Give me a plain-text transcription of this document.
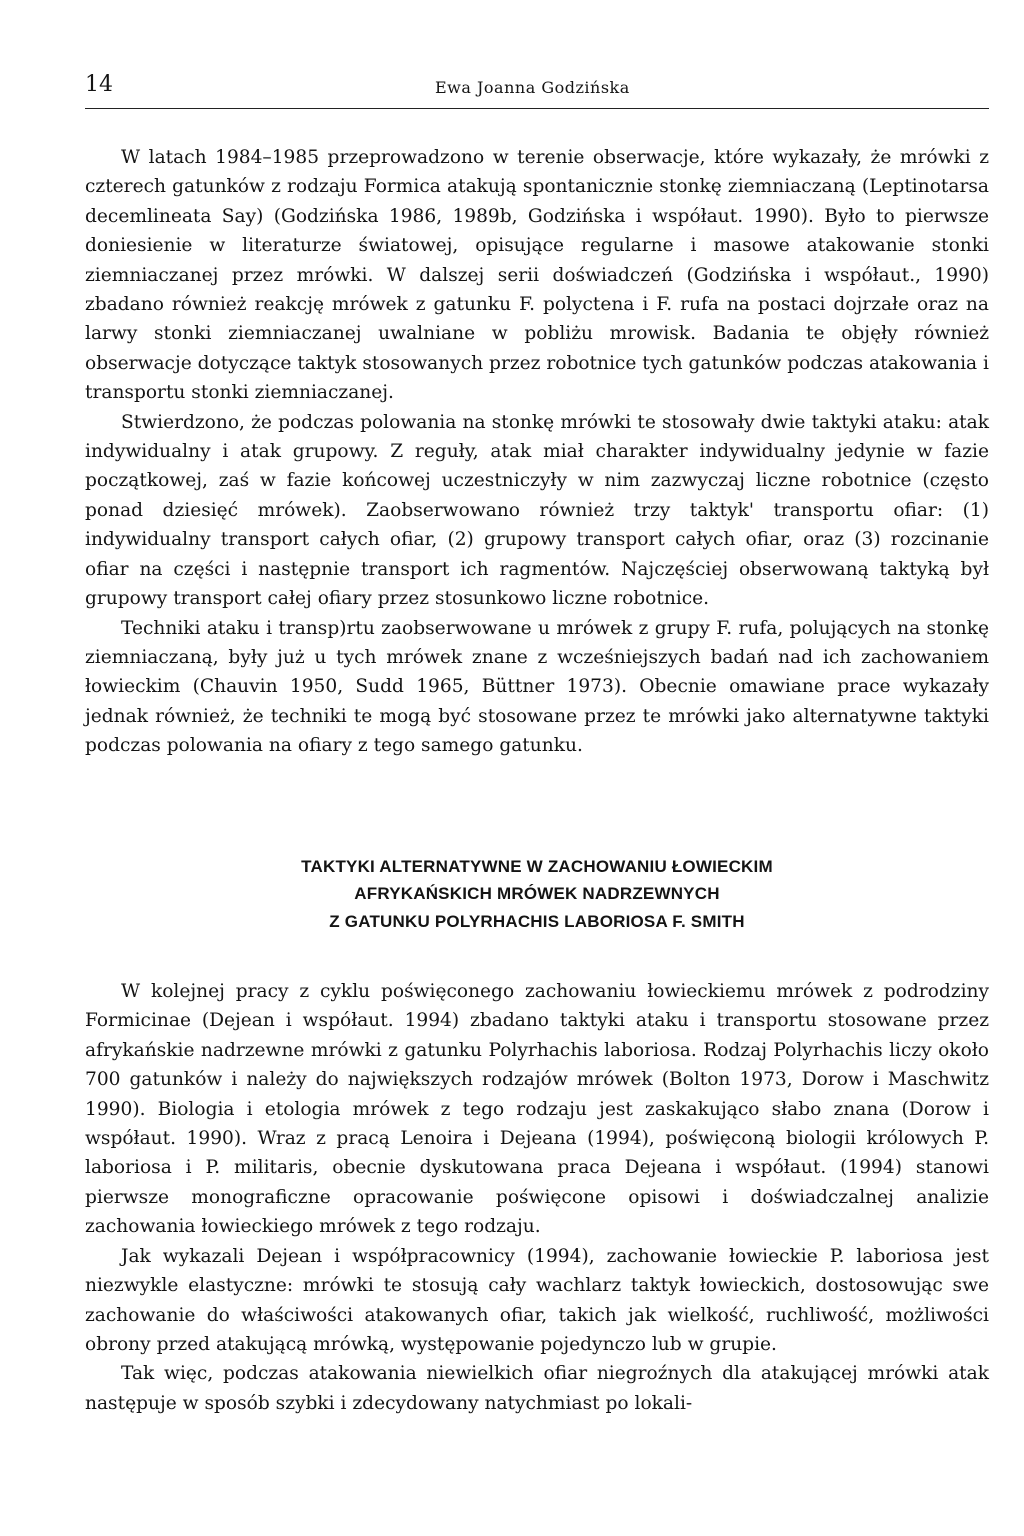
14	Ewa Joanna Godzińska

W latach 1984–1985 przeprowadzono w terenie obserwacje, które wykazały, że mrówki z czterech gatunków z rodzaju Formica atakują spontanicznie stonkę ziemniaczaną (Leptinotarsa decemlineata Say) (Godzińska 1986, 1989b, Godzińska i współaut. 1990). Było to pierwsze doniesienie w literaturze światowej, opisujące regularne i masowe atakowanie stonki ziemniaczanej przez mrówki. W dalszej serii doświadczeń (Godzińska i współaut., 1990) zbadano również reakcję mrówek z gatunku F. polyctena i F. rufa na postaci dojrzałe oraz na larwy stonki ziemniaczanej uwalniane w pobliżu mrowisk. Badania te objęły również obserwacje dotyczące taktyk stosowanych przez robotnice tych gatunków podczas atakowania i transportu stonki ziemniaczanej.

Stwierdzono, że podczas polowania na stonkę mrówki te stosowały dwie taktyki ataku: atak indywidualny i atak grupowy. Z reguły, atak miał charakter indywidualny jedynie w fazie początkowej, zaś w fazie końcowej uczestniczyły w nim zazwyczaj liczne robotnice (często ponad dziesięć mrówek). Zaobserwowano również trzy taktyk' transportu ofiar: (1) indywidualny transport całych ofiar, (2) grupowy transport całych ofiar, oraz (3) rozcinanie ofiar na części i następnie transport ich ragmentów. Najczęściej obserwowaną taktyką był grupowy transport całej ofiary przez stosunkowo liczne robotnice.

Techniki ataku i transp)rtu zaobserwowane u mrówek z grupy F. rufa, polujących na stonkę ziemniaczaną, były już u tych mrówek znane z wcześniejszych badań nad ich zachowaniem łowieckim (Chauvin 1950, Sudd 1965, Büttner 1973). Obecnie omawiane prace wykazały jednak również, że techniki te mogą być stosowane przez te mrówki jako alternatywne taktyki podczas polowania na ofiary z tego samego gatunku.

TAKTYKI ALTERNATYWNE W ZACHOWANIU ŁOWIECKIM
AFRYKAŃSKICH MRÓWEK NADRZEWNYCH
Z GATUNKU POLYRHACHIS LABORIOSA F. SMITH

W kolejnej pracy z cyklu poświęconego zachowaniu łowieckiemu mrówek z podrodziny Formicinae (Dejean i współaut. 1994) zbadano taktyki ataku i transportu stosowane przez afrykańskie nadrzewne mrówki z gatunku Polyrhachis laboriosa. Rodzaj Polyrhachis liczy około 700 gatunków i należy do największych rodzajów mrówek (Bolton 1973, Dorow i Maschwitz 1990). Biologia i etologia mrówek z tego rodzaju jest zaskakująco słabo znana (Dorow i współaut. 1990). Wraz z pracą Lenoira i Dejeana (1994), poświęconą biologii królowych P. laboriosa i P. militaris, obecnie dyskutowana praca Dejeana i współaut. (1994) stanowi pierwsze monograficzne opracowanie poświęcone opisowi i doświadczalnej analizie zachowania łowieckiego mrówek z tego rodzaju.

Jak wykazali Dejean i współpracownicy (1994), zachowanie łowieckie P. laboriosa jest niezwykle elastyczne: mrówki te stosują cały wachlarz taktyk łowieckich, dostosowując swe zachowanie do właściwości atakowanych ofiar, takich jak wielkość, ruchliwość, możliwości obrony przed atakującą mrówką, występowanie pojedynczo lub w grupie.

Tak więc, podczas atakowania niewielkich ofiar niegroźnych dla atakującej mrówki atak następuje w sposób szybki i zdecydowany natychmiast po lokali-
